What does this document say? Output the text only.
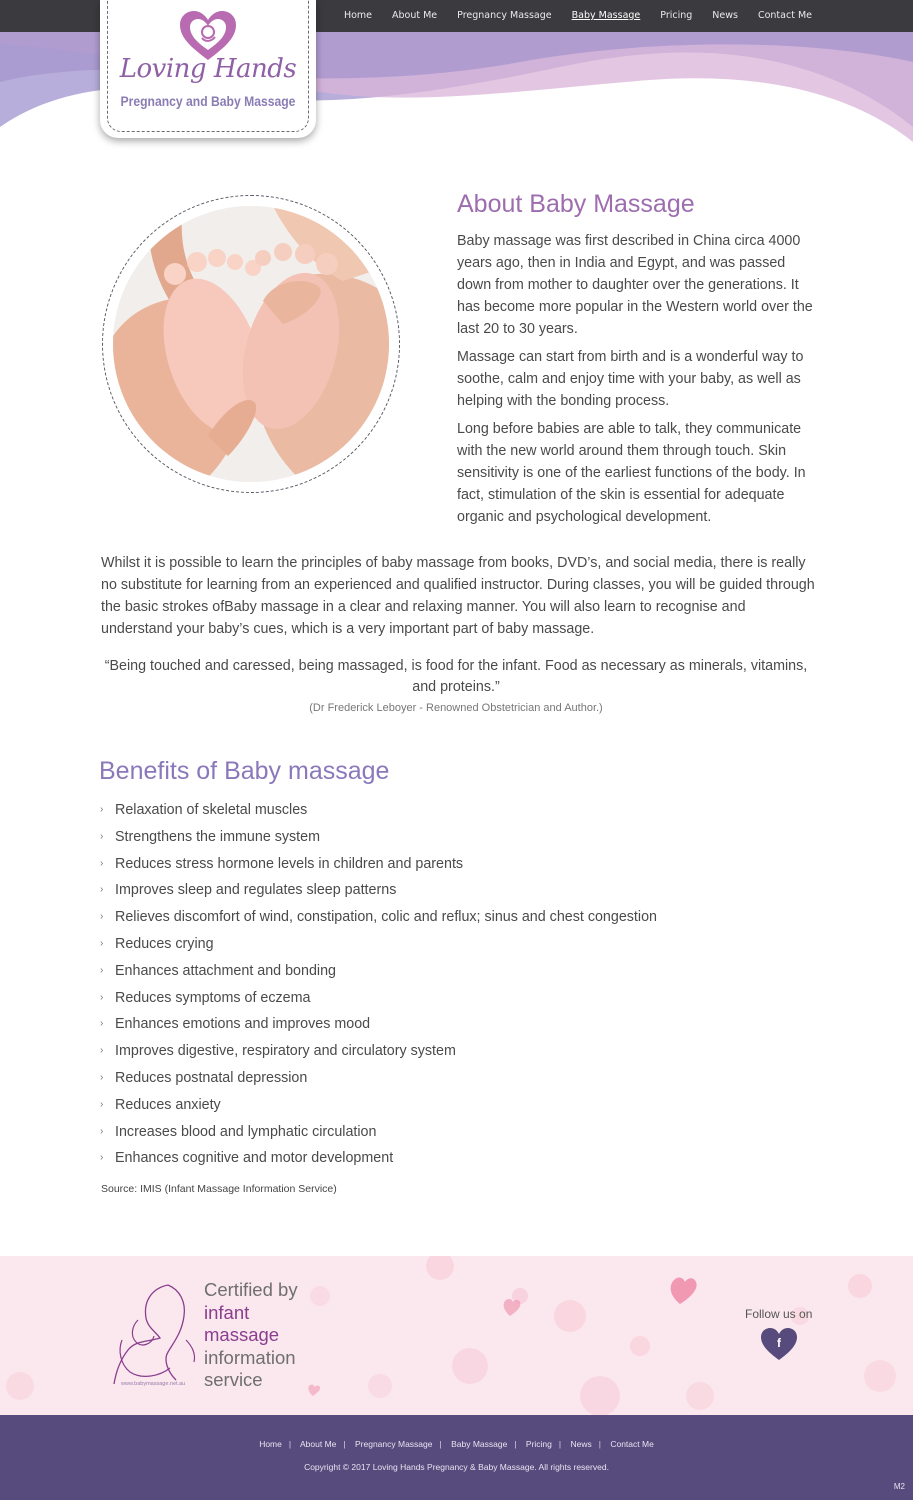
Home About Me Pregnancy Massage Baby Massage Pricing News Contact Me
Loving Hands
Pregnancy and Baby Massage
About Baby Massage

Baby massage was first described in China circa 4000 years ago, then in India and Egypt, and was passed down from mother to daughter over the generations. It has become more popular in the Western world over the last 20 to 30 years.

Massage can start from birth and is a wonderful way to soothe, calm and enjoy time with your baby, as well as helping with the bonding process.

Long before babies are able to talk, they communicate with the new world around them through touch. Skin sensitivity is one of the earliest functions of the body. In fact, stimulation of the skin is essential for adequate organic and psychological development.

Whilst it is possible to learn the principles of baby massage from books, DVD’s, and social media, there is really no substitute for learning from an experienced and qualified instructor. During classes, you will be guided through the basic strokes ofBaby massage in a clear and relaxing manner. You will also learn to recognise and understand your baby’s cues, which is a very important part of baby massage.

“Being touched and caressed, being massaged, is food for the infant. Food as necessary as minerals, vitamins, and proteins.”

(Dr Frederick Leboyer - Renowned Obstetrician and Author.)

Benefits of Baby massage
› Relaxation of skeletal muscles
› Strengthens the immune system
› Reduces stress hormone levels in children and parents
› Improves sleep and regulates sleep patterns
› Relieves discomfort of wind, constipation, colic and reflux; sinus and chest congestion
› Reduces crying
› Enhances attachment and bonding
› Reduces symptoms of eczema
› Enhances emotions and improves mood
› Improves digestive, respiratory and circulatory system
› Reduces postnatal depression
› Reduces anxiety
› Increases blood and lymphatic circulation
› Enhances cognitive and motor development

Source: IMIS (Infant Massage Information Service)

Certified by
infant
massage
information
service
www.babymassage.net.au
Follow us on
f
Home | About Me | Pregnancy Massage | Baby Massage | Pricing | News | Contact Me
Copyright © 2017 Loving Hands Pregnancy & Baby Massage. All rights reserved.
M2
